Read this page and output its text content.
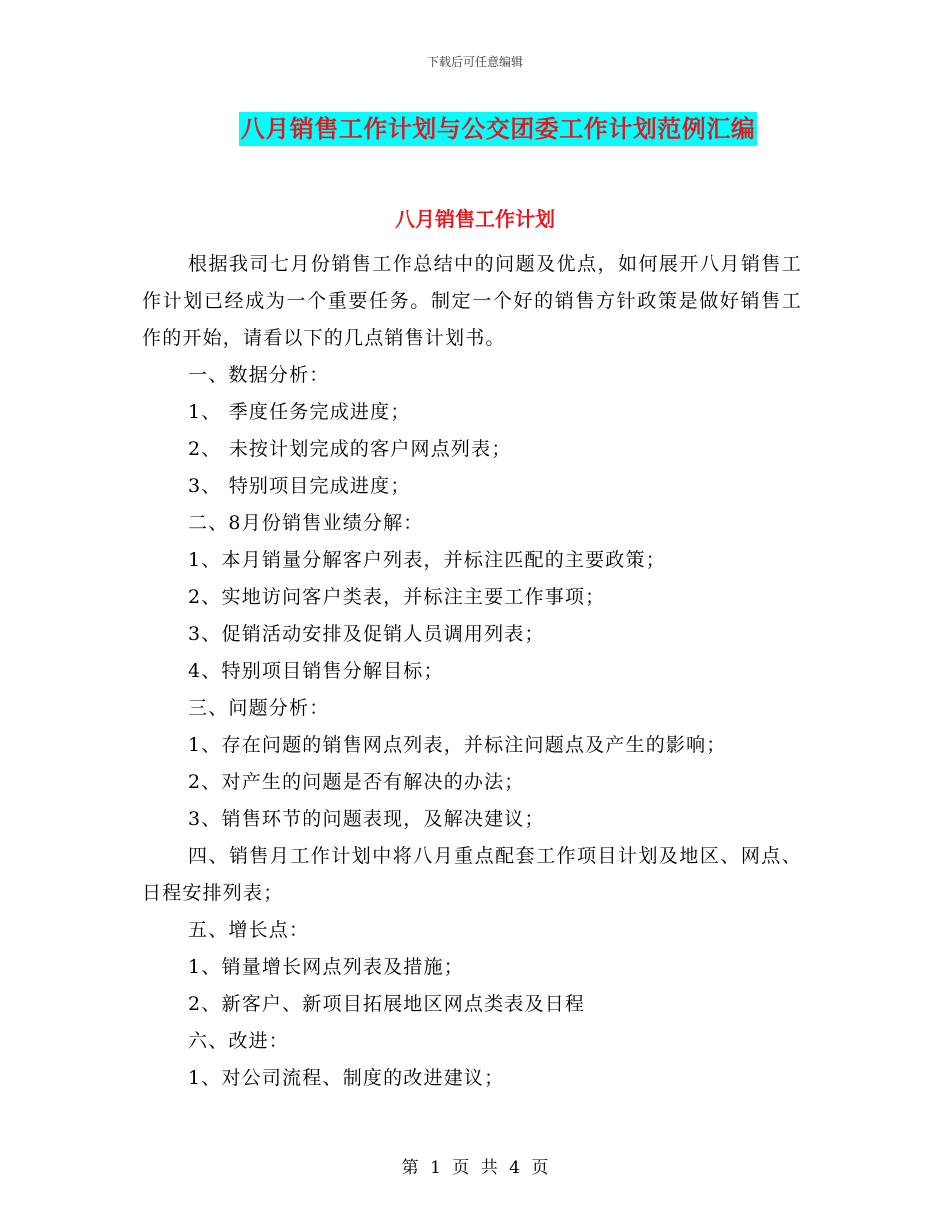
下载后可任意编辑
八月销售工作计划与公交团委工作计划范例汇编
八月销售工作计划

根据我司七月份销售工作总结中的问题及优点，如何展开八月销售工作计划已经成为一个重要任务。制定一个好的销售方针政策是做好销售工作的开始，请看以下的几点销售计划书。

一、数据分析：

1、 季度任务完成进度；

2、 未按计划完成的客户网点列表；

3、 特别项目完成进度；

二、8月份销售业绩分解：

1、本月销量分解客户列表，并标注匹配的主要政策；

2、实地访问客户类表，并标注主要工作事项；

3、促销活动安排及促销人员调用列表；

4、特别项目销售分解目标；

三、问题分析：

1、存在问题的销售网点列表，并标注问题点及产生的影响；

2、对产生的问题是否有解决的办法；

3、销售环节的问题表现，及解决建议；

四、销售月工作计划中将八月重点配套工作项目计划及地区、网点、日程安排列表；

五、增长点：

1、销量增长网点列表及措施；

2、新客户、新项目拓展地区网点类表及日程

六、改进：

1、对公司流程、制度的改进建议；

第 1 页 共 4 页
